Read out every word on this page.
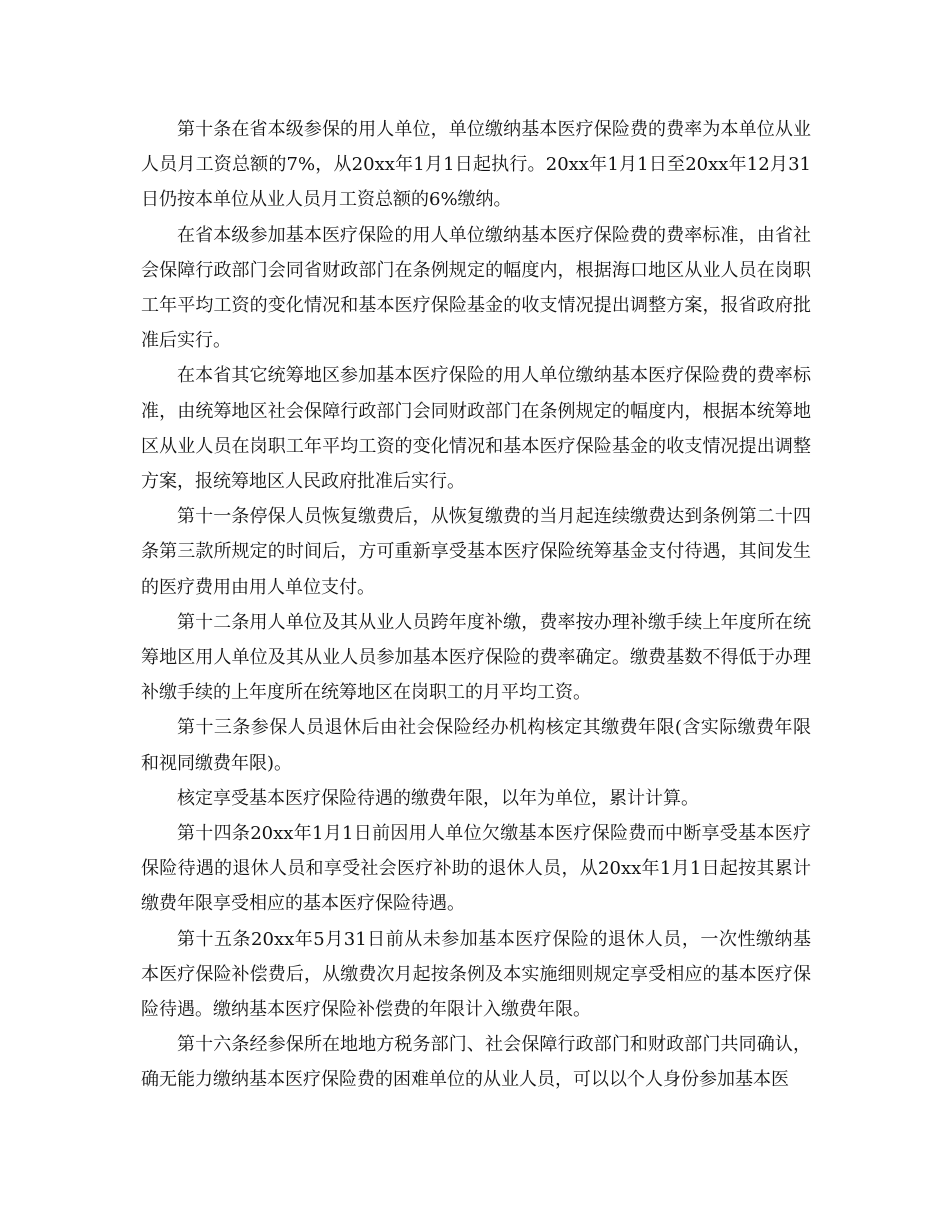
第十条在省本级参保的用人单位，单位缴纳基本医疗保险费的费率为本单位从业人员月工资总额的7%，从20xx年1月1日起执行。20xx年1月1日至20xx年12月31日仍按本单位从业人员月工资总额的6%缴纳。

在省本级参加基本医疗保险的用人单位缴纳基本医疗保险费的费率标准，由省社会保障行政部门会同省财政部门在条例规定的幅度内，根据海口地区从业人员在岗职工年平均工资的变化情况和基本医疗保险基金的收支情况提出调整方案，报省政府批准后实行。

在本省其它统筹地区参加基本医疗保险的用人单位缴纳基本医疗保险费的费率标准，由统筹地区社会保障行政部门会同财政部门在条例规定的幅度内，根据本统筹地区从业人员在岗职工年平均工资的变化情况和基本医疗保险基金的收支情况提出调整方案，报统筹地区人民政府批准后实行。

第十一条停保人员恢复缴费后，从恢复缴费的当月起连续缴费达到条例第二十四条第三款所规定的时间后，方可重新享受基本医疗保险统筹基金支付待遇，其间发生的医疗费用由用人单位支付。

第十二条用人单位及其从业人员跨年度补缴，费率按办理补缴手续上年度所在统筹地区用人单位及其从业人员参加基本医疗保险的费率确定。缴费基数不得低于办理补缴手续的上年度所在统筹地区在岗职工的月平均工资。

第十三条参保人员退休后由社会保险经办机构核定其缴费年限(含实际缴费年限和视同缴费年限)。

核定享受基本医疗保险待遇的缴费年限，以年为单位，累计计算。

第十四条20xx年1月1日前因用人单位欠缴基本医疗保险费而中断享受基本医疗保险待遇的退休人员和享受社会医疗补助的退休人员，从20xx年1月1日起按其累计缴费年限享受相应的基本医疗保险待遇。

第十五条20xx年5月31日前从未参加基本医疗保险的退休人员，一次性缴纳基本医疗保险补偿费后，从缴费次月起按条例及本实施细则规定享受相应的基本医疗保险待遇。缴纳基本医疗保险补偿费的年限计入缴费年限。

第十六条经参保所在地地方税务部门、社会保障行政部门和财政部门共同确认，确无能力缴纳基本医疗保险费的困难单位的从业人员，可以以个人身份参加基本医
